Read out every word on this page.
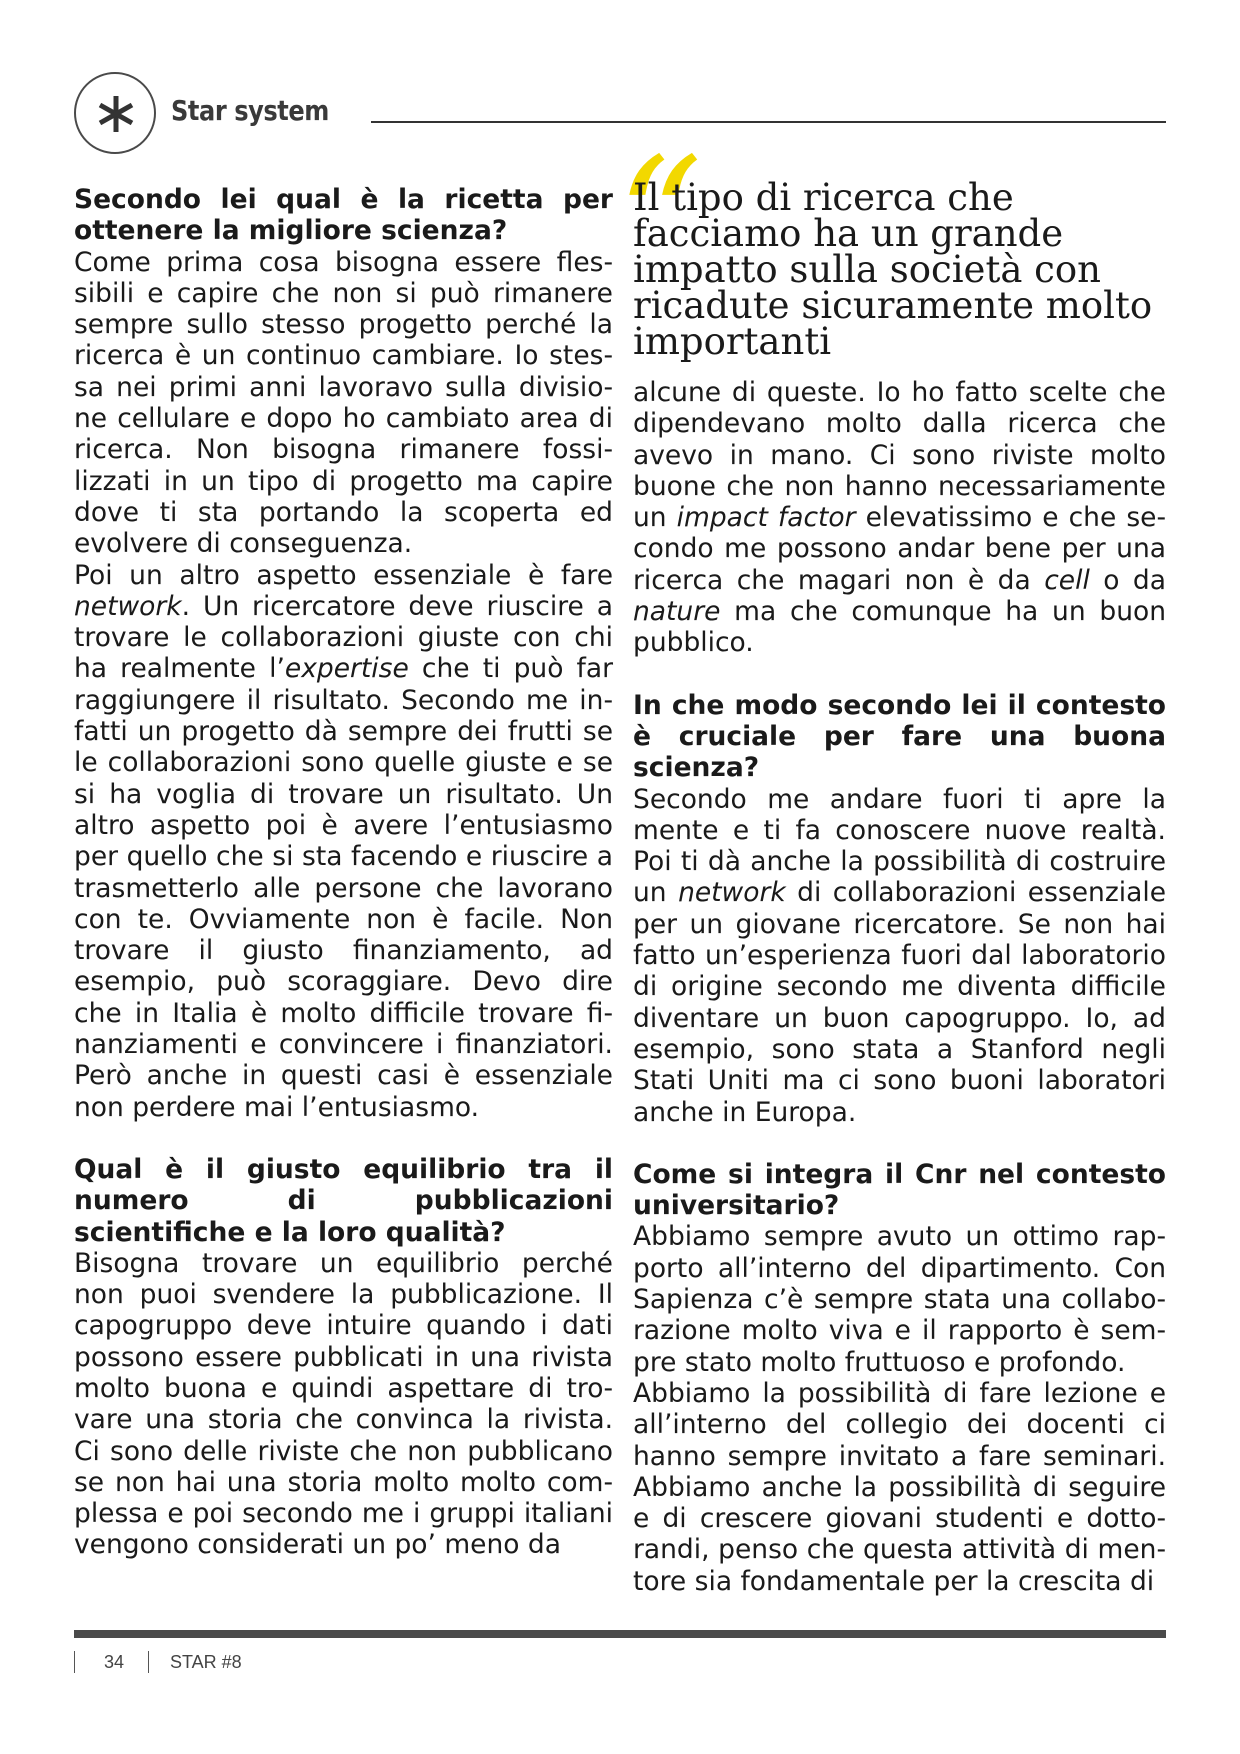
Star system

Secondo lei qual è la ricetta per ottenere la migliore scienza?

Come prima cosa bisogna essere flessibili e capire che non si può rimanere sempre sullo stesso progetto perché la ricerca è un continuo cambiare. Io stessa nei primi anni lavoravo sulla divisione cellulare e dopo ho cambiato area di ricerca. Non bisogna rimanere fossilizzati in un tipo di progetto ma capire dove ti sta portando la scoperta ed evolvere di conseguenza.

Poi un altro aspetto essenziale è fare network. Un ricercatore deve riuscire a trovare le collaborazioni giuste con chi ha realmente l’expertise che ti può far raggiungere il risultato. Secondo me infatti un progetto dà sempre dei frutti se le collaborazioni sono quelle giuste e se si ha voglia di trovare un risultato. Un altro aspetto poi è avere l’entusiasmo per quello che si sta facendo e riuscire a trasmetterlo alle persone che lavorano con te. Ovviamente non è facile. Non trovare il giusto finanziamento, ad esempio, può scoraggiare. Devo dire che in Italia è molto difficile trovare finanziamenti e convincere i finanziatori. Però anche in questi casi è essenziale non perdere mai l’entusiasmo.

Qual è il giusto equilibrio tra il numero di pubblicazioni scientifiche e la loro qualità?

Bisogna trovare un equilibrio perché non puoi svendere la pubblicazione. Il capogruppo deve intuire quando i dati possono essere pubblicati in una rivista molto buona e quindi aspettare di trovare una storia che convinca la rivista. Ci sono delle riviste che non pubblicano se non hai una storia molto molto complessa e poi secondo me i gruppi italiani vengono considerati un po’ meno da

“
Il tipo di ricerca che facciamo ha un grande impatto sulla società con ricadute sicuramente molto importanti

alcune di queste. Io ho fatto scelte che dipendevano molto dalla ricerca che avevo in mano. Ci sono riviste molto buone che non hanno necessariamente un impact factor elevatissimo e che secondo me possono andar bene per una ricerca che magari non è da cell o da nature ma che comunque ha un buon pubblico.

In che modo secondo lei il contesto è cruciale per fare una buona scienza?

Secondo me andare fuori ti apre la mente e ti fa conoscere nuove realtà. Poi ti dà anche la possibilità di costruire un network di collaborazioni essenziale per un giovane ricercatore. Se non hai fatto un’esperienza fuori dal laboratorio di origine secondo me diventa difficile diventare un buon capogruppo. Io, ad esempio, sono stata a Stanford negli Stati Uniti ma ci sono buoni laboratori anche in Europa.

Come si integra il Cnr nel contesto universitario?

Abbiamo sempre avuto un ottimo rapporto all’interno del dipartimento. Con Sapienza c’è sempre stata una collaborazione molto viva e il rapporto è sempre stato molto fruttuoso e profondo.

Abbiamo la possibilità di fare lezione e all’interno del collegio dei docenti ci hanno sempre invitato a fare seminari. Abbiamo anche la possibilità di seguire e di crescere giovani studenti e dottorandi, penso che questa attività di mentore sia fondamentale per la crescita di

34	STAR #8
